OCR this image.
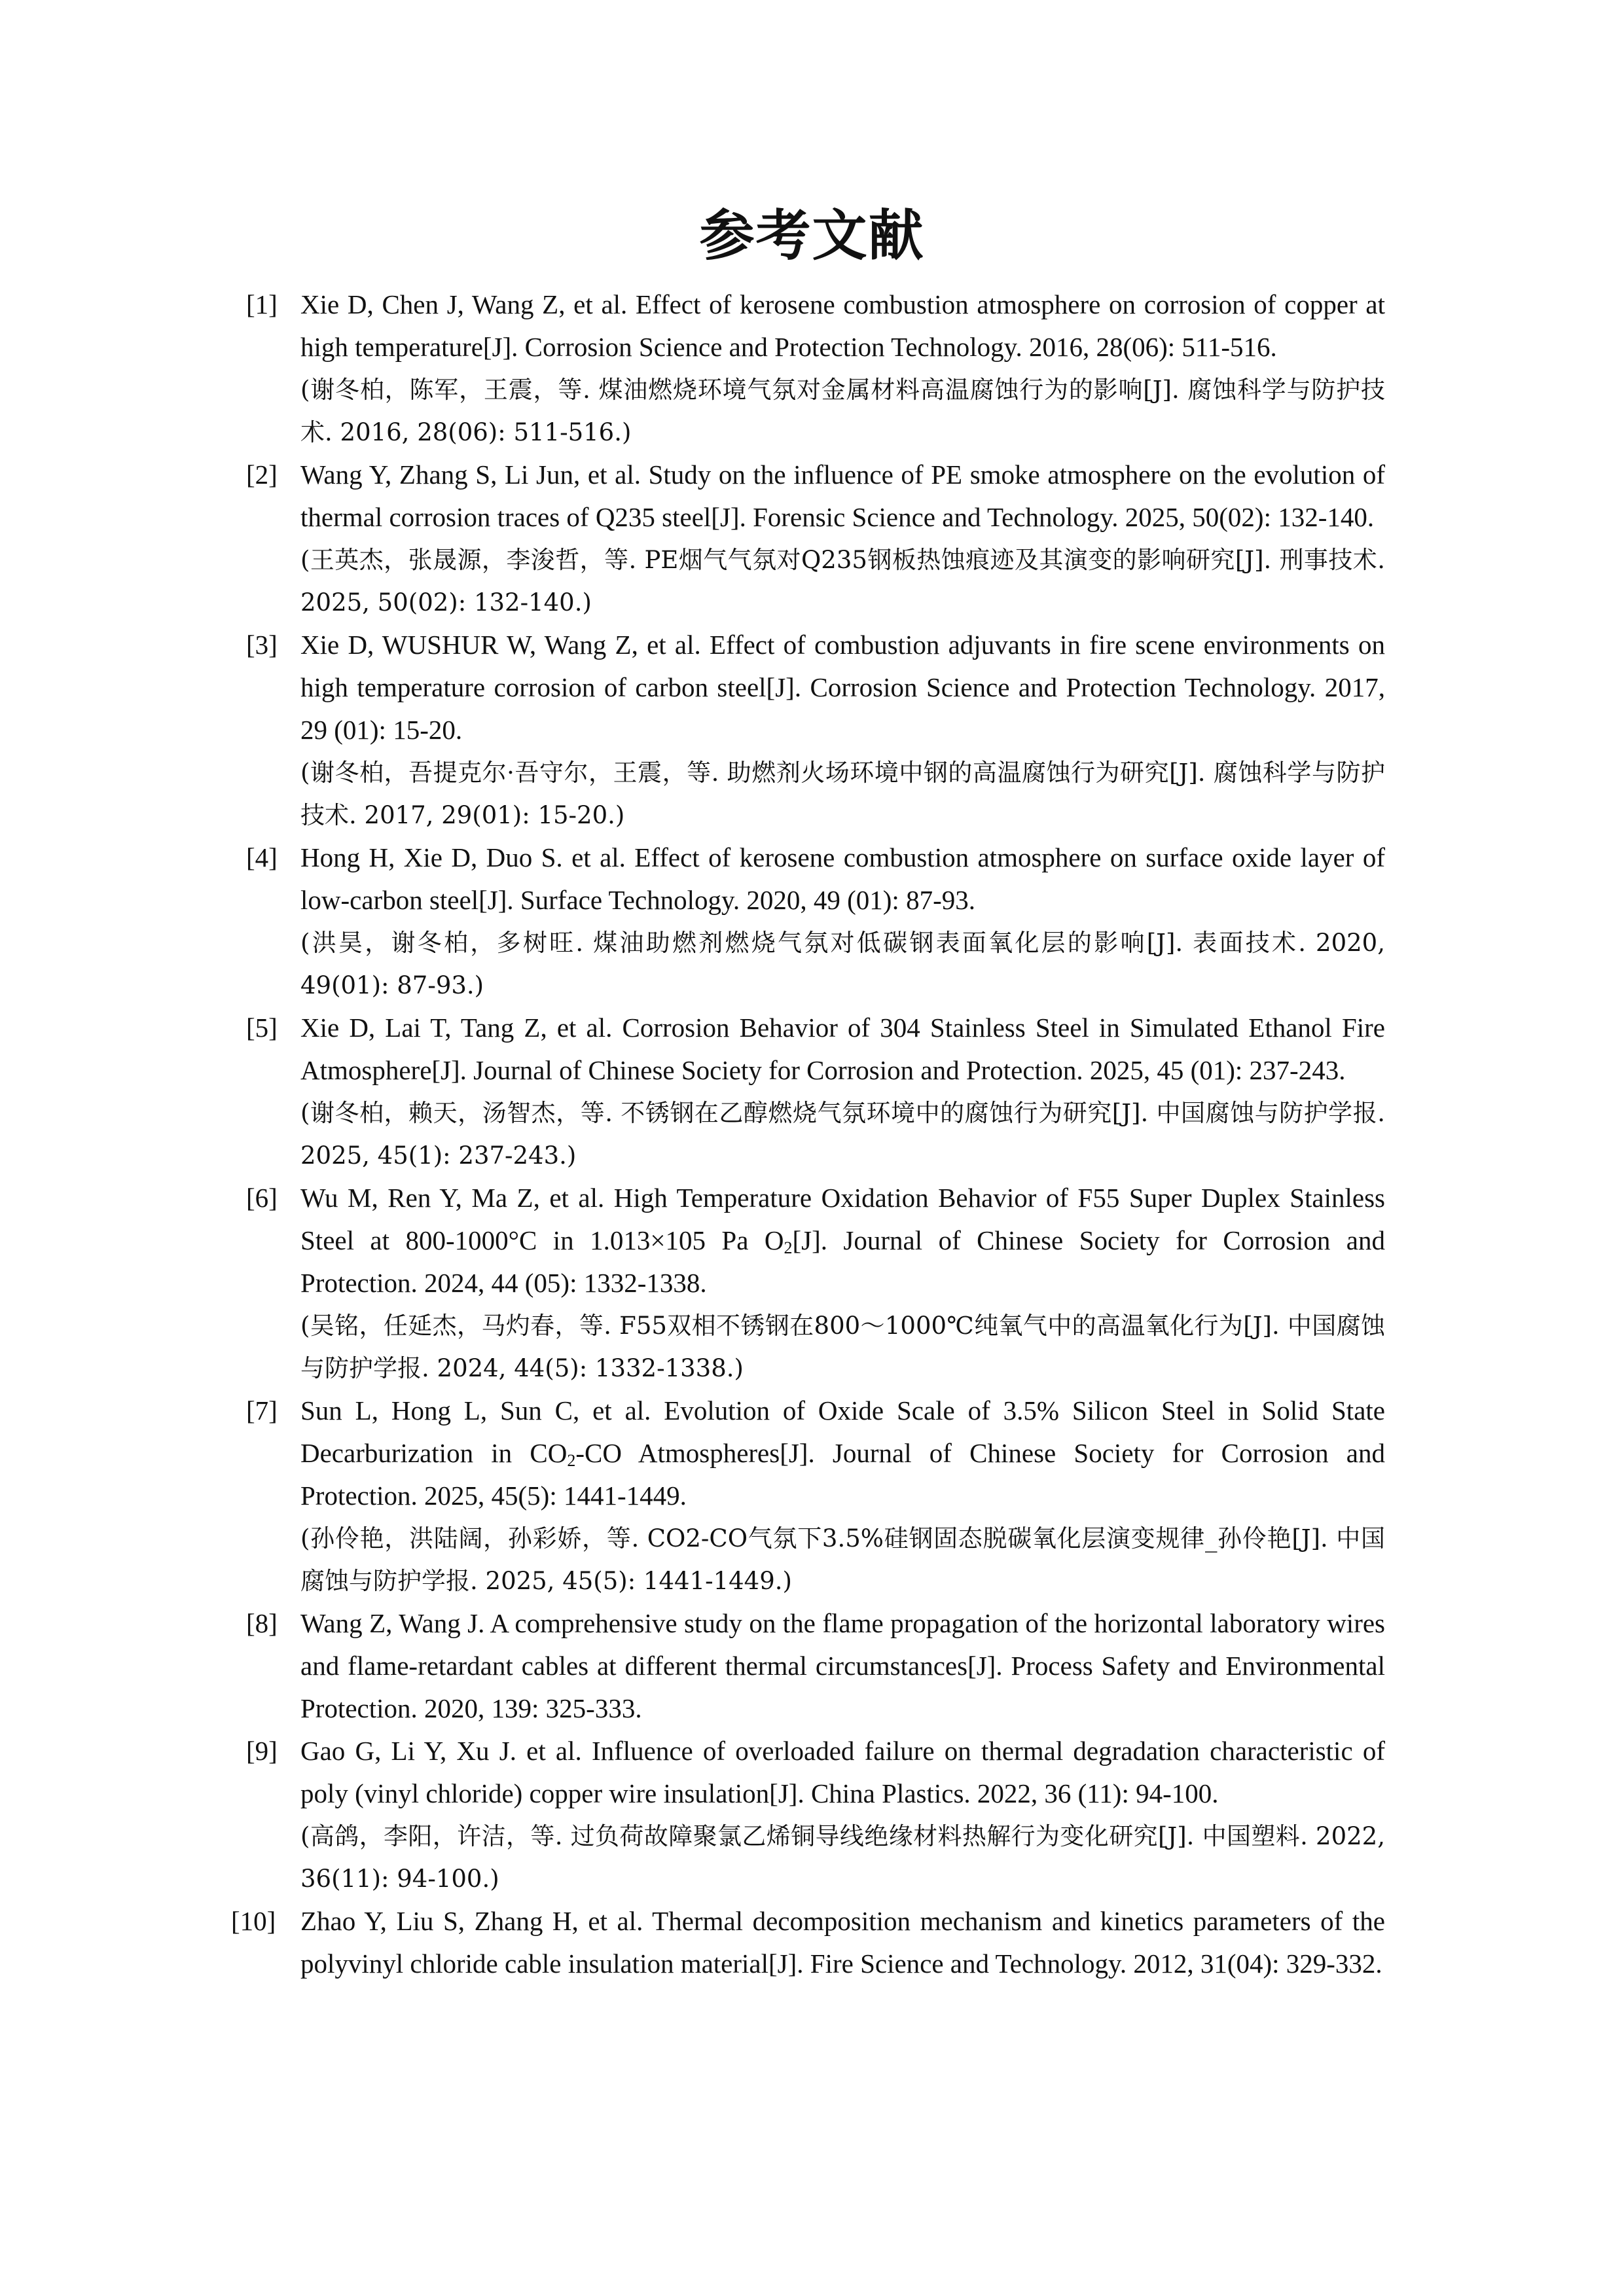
参考文献
[1] Xie D, Chen J, Wang Z, et al. Effect of kerosene combustion atmosphere on corrosion of copper at high temperature[J]. Corrosion Science and Protection Technology. 2016, 28(06): 511-516.
(谢冬柏，陈军，王震，等. 煤油燃烧环境气氛对金属材料高温腐蚀行为的影响[J]. 腐蚀科学与防护技术. 2016, 28(06): 511-516.)
[2] Wang Y, Zhang S, Li Jun, et al. Study on the influence of PE smoke atmosphere on the evolution of thermal corrosion traces of Q235 steel[J]. Forensic Science and Technology. 2025, 50(02): 132-140.
(王英杰，张晟源，李浚哲，等. PE烟气气氛对Q235钢板热蚀痕迹及其演变的影响研究[J]. 刑事技术. 2025, 50(02): 132-140.)
[3] Xie D, WUSHUR W, Wang Z, et al. Effect of combustion adjuvants in fire scene environments on high temperature corrosion of carbon steel[J]. Corrosion Science and Protection Technology. 2017, 29 (01): 15-20.
(谢冬柏，吾提克尔·吾守尔，王震，等. 助燃剂火场环境中钢的高温腐蚀行为研究[J]. 腐蚀科学与防护技术. 2017, 29(01): 15-20.)
[4] Hong H, Xie D, Duo S. et al. Effect of kerosene combustion atmosphere on surface oxide layer of low-carbon steel[J]. Surface Technology. 2020, 49 (01): 87-93.
(洪昊，谢冬柏，多树旺. 煤油助燃剂燃烧气氛对低碳钢表面氧化层的影响[J]. 表面技术. 2020, 49(01): 87-93.)
[5] Xie D, Lai T, Tang Z, et al. Corrosion Behavior of 304 Stainless Steel in Simulated Ethanol Fire Atmosphere[J]. Journal of Chinese Society for Corrosion and Protection. 2025, 45 (01): 237-243.
(谢冬柏，赖天，汤智杰，等. 不锈钢在乙醇燃烧气氛环境中的腐蚀行为研究[J]. 中国腐蚀与防护学报. 2025, 45(1): 237-243.)
[6] Wu M, Ren Y, Ma Z, et al. High Temperature Oxidation Behavior of F55 Super Duplex Stainless Steel at 800-1000°C in 1.013×105 Pa $O_2[J]$. Journal of Chinese Society for Corrosion and Protection. 2024, 44 (05): 1332-1338.
(吴铭，任延杰，马灼春，等. F55双相不锈钢在800～1000℃纯氧气中的高温氧化行为[J]. 中国腐蚀与防护学报. 2024, 44(5): 1332-1338.)
[7] Sun L, Hong L, Sun C, et al. Evolution of Oxide Scale of 3.5% Silicon Steel in Solid State Decarburization in $CO_2-CO$ Atmospheres[J]. Journal of Chinese Society for Corrosion and Protection. 2025, 45(5): 1441-1449.
(孙伶艳，洪陆阔，孙彩娇，等. CO2-CO气氛下3.5%硅钢固态脱碳氧化层演变规律_孙伶艳[J]. 中国腐蚀与防护学报. 2025, 45(5): 1441-1449.)
[8] Wang Z, Wang J. A comprehensive study on the flame propagation of the horizontal laboratory wires and flame-retardant cables at different thermal circumstances[J]. Process Safety and Environmental Protection. 2020, 139: 325-333.
[9] Gao G, Li Y, Xu J. et al. Influence of overloaded failure on thermal degradation characteristic of poly (vinyl chloride) copper wire insulation[J]. China Plastics. 2022, 36 (11): 94-100.
(高鸽，李阳，许洁，等. 过负荷故障聚氯乙烯铜导线绝缘材料热解行为变化研究[J]. 中国塑料. 2022, 36(11): 94-100.)
[10] Zhao Y, Liu S, Zhang H, et al. Thermal decomposition mechanism and kinetics parameters of the polyvinyl chloride cable insulation material[J]. Fire Science and Technology. 2012, 31(04): 329-332.
